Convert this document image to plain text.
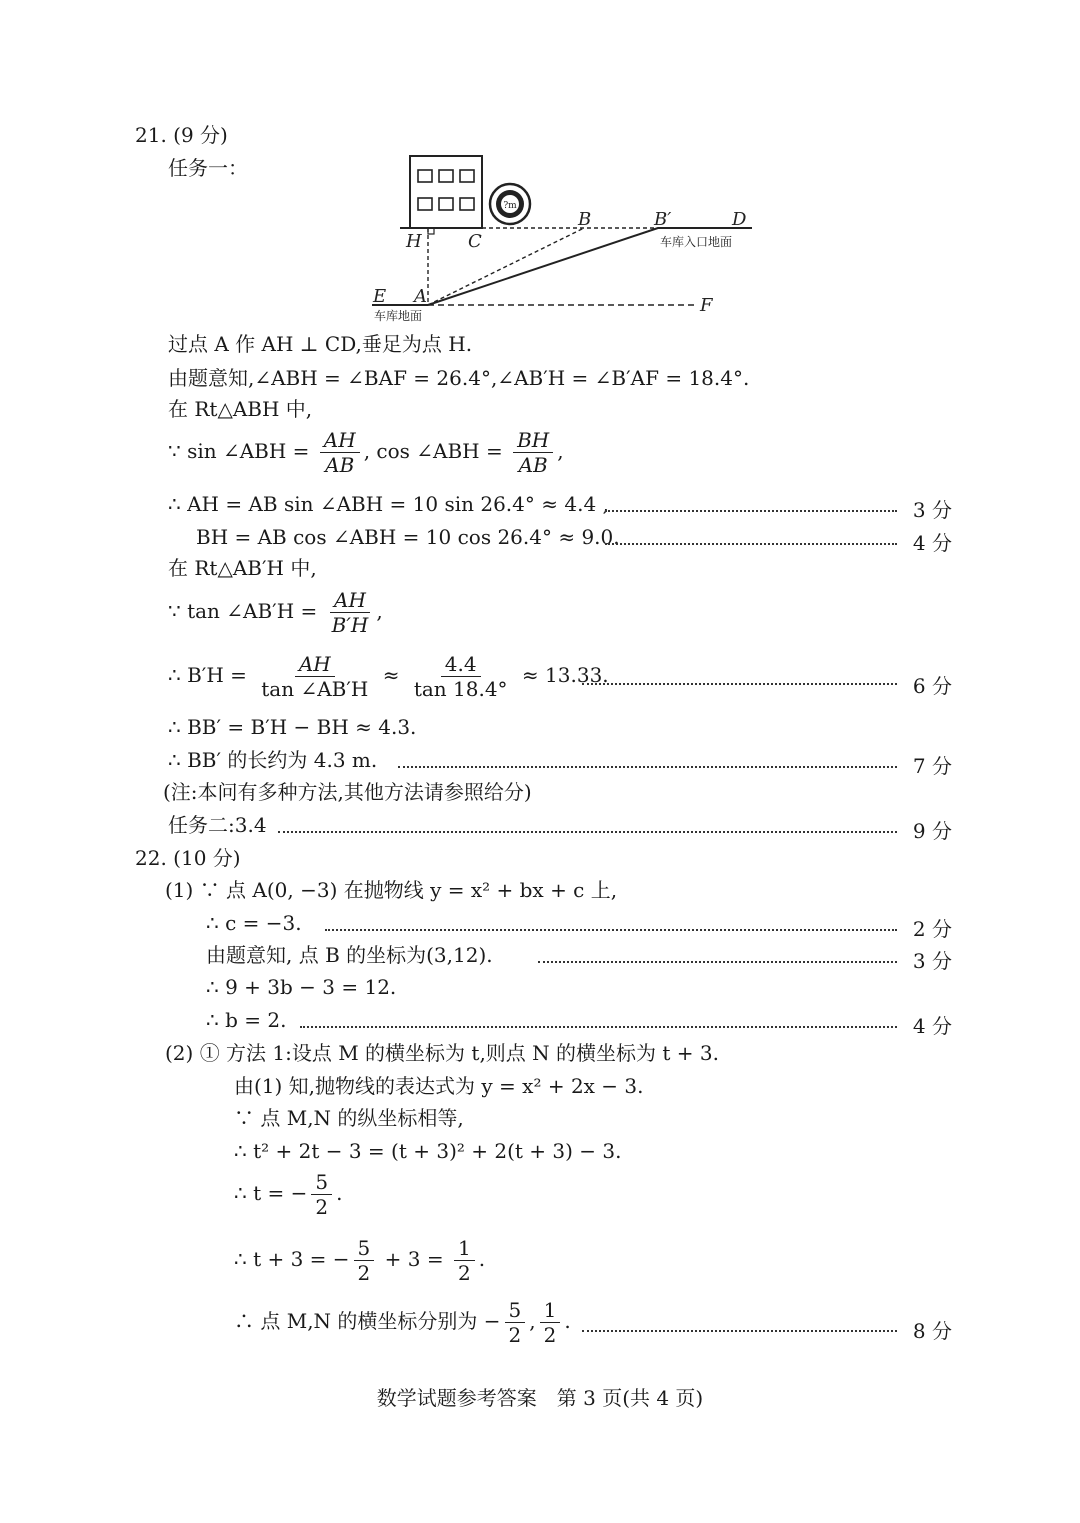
21. (9 分)
任务一：
?m
H	C
B	B′	D
E A	F
车库入口地面
车库地面
过点 A 作 AH ⊥ CD,垂足为点 H.
由题意知,∠ABH = ∠BAF = 26.4°,∠AB′H = ∠B′AF = 18.4°.
在 Rt△ABH 中,
∵ sin ∠ABH = $\frac{AH}{AB}$ , cos ∠ABH = $\frac{BH}{AB}$ ,
∴ AH = AB sin ∠ABH = 10 sin 26.4° ≈ 4.4 ,	3 分
BH = AB cos ∠ABH = 10 cos 26.4° ≈ 9.0.	4 分
在 Rt△AB′H 中,
∵ tan ∠AB′H = $\frac{AH}{B'H}$ ,
∴ $B'H = \frac{AH}{\tan \angle AB'H} \approx \frac{4.4}{\tan 18.4^\circ} \approx 13.33$.	6 分
∴ BB′ = B′H − BH ≈ 4.3.
∴ BB′ 的长约为 4.3 m.	7 分
(注:本问有多种方法,其他方法请参照给分)
任务二:3.4	9 分
22. (10 分)
(1) ∵ 点 A(0, −3) 在抛物线 y = x² + bx + c 上,
∴ c = −3.	2 分
由题意知, 点 B 的坐标为(3,12).	3 分
∴ 9 + 3b − 3 = 12.
∴ b = 2.	4 分
(2) ① 方法 1:设点 M 的横坐标为 t,则点 N 的横坐标为 t + 3.
由(1) 知,抛物线的表达式为 y = x² + 2x − 3.
∵ 点 M,N 的纵坐标相等,
∴ t² + 2t − 3 = (t + 3)² + 2(t + 3) − 3.
∴ t = − $\frac{5}{2}$ .
∴ t + 3 = − $\frac{5}{2} + 3 = \frac{1}{2}$ .
∴ 点 M,N 的横坐标分别为 − $\frac{5}{2}$ , $\frac{1}{2}$ .	8 分
数学试题参考答案　第 3 页(共 4 页)
